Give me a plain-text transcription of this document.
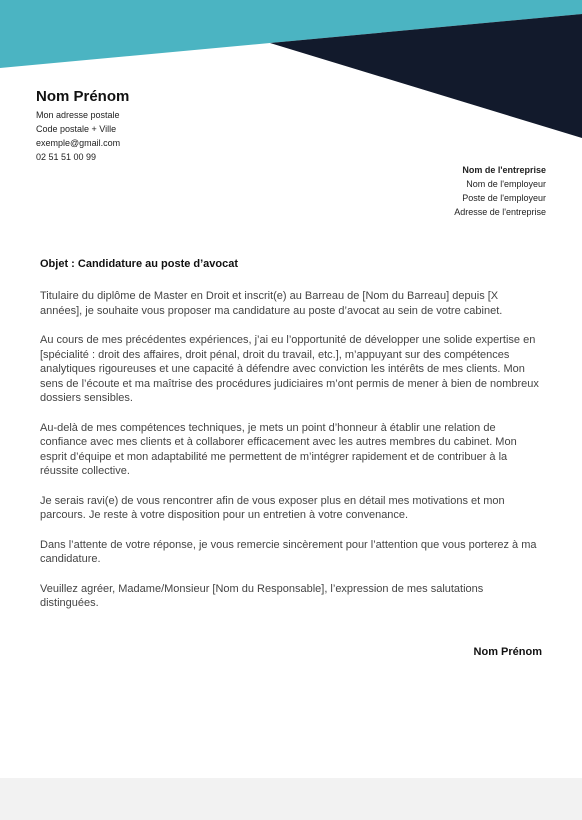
Nom Prénom
Mon adresse postale
Code postale + Ville
exemple@gmail.com
02 51 51 00 99
Nom de l'entreprise
Nom de l'employeur
Poste de l'employeur
Adresse de l'entreprise
Objet : Candidature au poste d’avocat

Titulaire du diplôme de Master en Droit et inscrit(e) au Barreau de [Nom du Barreau] depuis [X années], je souhaite vous proposer ma candidature au poste d’avocat au sein de votre cabinet.

Au cours de mes précédentes expériences, j’ai eu l’opportunité de développer une solide expertise en [spécialité : droit des affaires, droit pénal, droit du travail, etc.], m’appuyant sur des compétences analytiques rigoureuses et une capacité à défendre avec conviction les intérêts de mes clients. Mon sens de l’écoute et ma maîtrise des procédures judiciaires m’ont permis de mener à bien de nombreux dossiers sensibles.

Au-delà de mes compétences techniques, je mets un point d’honneur à établir une relation de confiance avec mes clients et à collaborer efficacement avec les autres membres du cabinet. Mon esprit d’équipe et mon adaptabilité me permettent de m’intégrer rapidement et de contribuer à la réussite collective.

Je serais ravi(e) de vous rencontrer afin de vous exposer plus en détail mes motivations et mon parcours. Je reste à votre disposition pour un entretien à votre convenance.

Dans l’attente de votre réponse, je vous remercie sincèrement pour l’attention que vous porterez à ma candidature.

Veuillez agréer, Madame/Monsieur [Nom du Responsable], l’expression de mes salutations distinguées.

Nom Prénom
